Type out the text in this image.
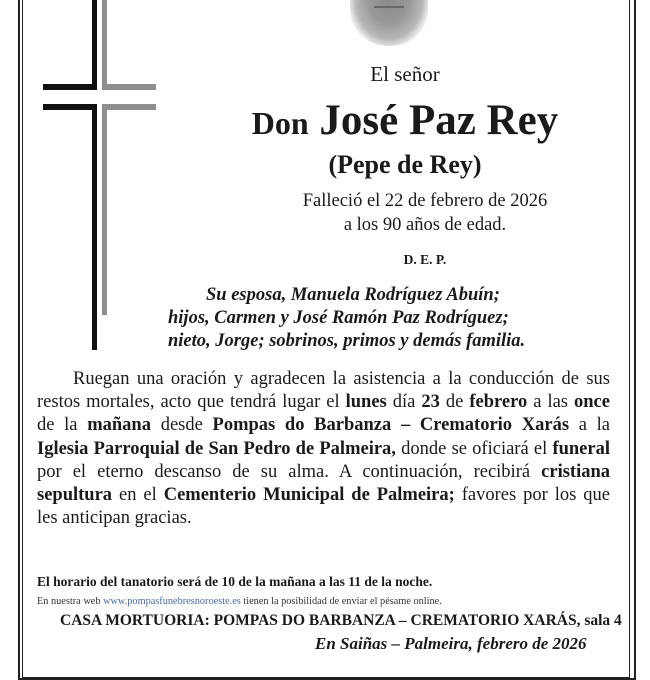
El señor
Don José Paz Rey
(Pepe de Rey)
Falleció el 22 de febrero de 2026
a los 90 años de edad.
D. E. P.
Su esposa, Manuela Rodríguez Abuín;
hijos, Carmen y José Ramón Paz Rodríguez;
nieto, Jorge; sobrinos, primos y demás familia.

Ruegan una oración y agradecen la asistencia a la conducción de sus restos mortales, acto que tendrá lugar el lunes día 23 de febrero a las once de la mañana desde Pompas do Barbanza – Crematorio Xarás a la Iglesia Parroquial de San Pedro de Palmeira, donde se oficiará el funeral por el eterno descanso de su alma. A continuación, recibirá cristiana sepultura en el Cementerio Municipal de Palmeira; favores por los que les anticipan gracias.

El horario del tanatorio será de 10 de la mañana a las 11 de la noche.
En nuestra web www.pompasfunebresnoroeste.es tienen la posibilidad de enviar el pésame online.
CASA MORTUORIA: POMPAS DO BARBANZA – CREMATORIO XARÁS, sala 4
En Saiñas – Palmeira, febrero de 2026
